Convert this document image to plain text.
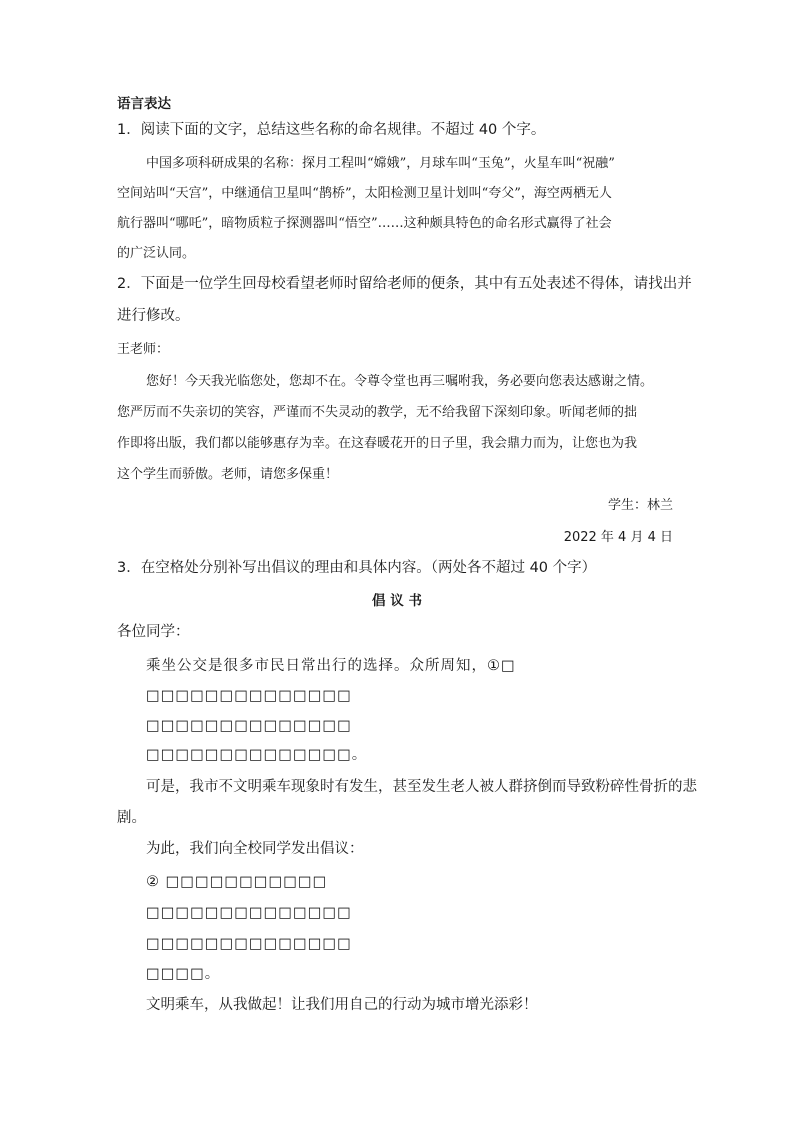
语言表达
1．阅读下面的文字，总结这些名称的命名规律。不超过 40 个字。
中国多项科研成果的名称：探月工程叫“嫦娥”，月球车叫“玉兔”，火星车叫“祝融”
空间站叫“天宫”，中继通信卫星叫“鹊桥”，太阳检测卫星计划叫“夸父”，海空两栖无人
航行器叫“哪吒”，暗物质粒子探测器叫“悟空”……这种颇具特色的命名形式赢得了社会
的广泛认同。
2．下面是一位学生回母校看望老师时留给老师的便条，其中有五处表述不得体，请找出并
进行修改。
王老师：
您好！今天我光临您处，您却不在。令尊令堂也再三嘱咐我，务必要向您表达感谢之情。
您严厉而不失亲切的笑容，严谨而不失灵动的教学，无不给我留下深刻印象。听闻老师的拙
作即将出版，我们都以能够惠存为幸。在这春暖花开的日子里，我会鼎力而为，让您也为我
这个学生而骄傲。老师，请您多保重！
学生：林兰
2022 年 4 月 4 日
3．在空格处分别补写出倡议的理由和具体内容。（两处各不超过 40 个字）
倡 议 书
各位同学：
乘坐公交是很多市民日常出行的选择。众所周知，①□
□□□□□□□□□□□□□□
□□□□□□□□□□□□□□
□□□□□□□□□□□□□□。
可是，我市不文明乘车现象时有发生，甚至发生老人被人群挤倒而导致粉碎性骨折的悲
剧。
为此，我们向全校同学发出倡议：
② □□□□□□□□□□□
□□□□□□□□□□□□□□
□□□□□□□□□□□□□□
□□□□。
文明乘车，从我做起！让我们用自己的行动为城市增光添彩！
